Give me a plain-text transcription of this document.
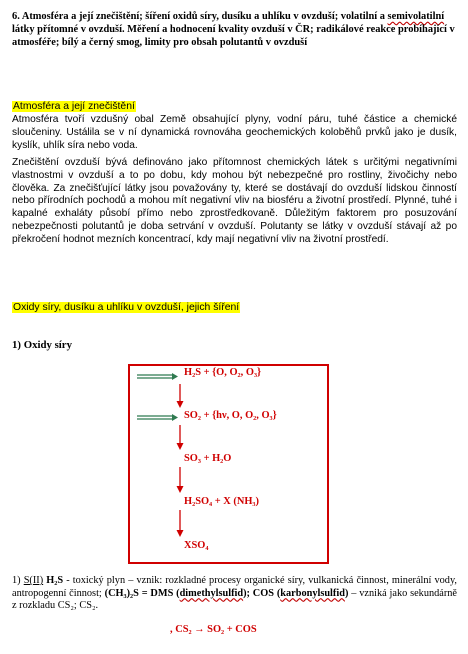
6. Atmosféra a její znečištění; šíření oxidů síry, dusíku a uhlíku v ovzduší; volatilní a semivolatilní látky přítomné v ovzduší. Měření a hodnocení kvality ovzduší v ČR; radikálové reakce probíhající v atmosféře; bílý a černý smog, limity pro obsah polutantů v ovzduší
Atmosféra a její znečištění
Atmosféra tvoří vzdušný obal Země obsahující plyny, vodní páru, tuhé částice a chemické sloučeniny. Ustálila se v ní dynamická rovnováha geochemických koloběhů prvků jako je dusík, kyslík, uhlík síra nebo voda.
Znečištění ovzduší bývá definováno jako přítomnost chemických látek s určitými negativními vlastnostmi v ovzduší a to po dobu, kdy mohou být nebezpečné pro rostliny, živočichy nebo člověka. Za znečišťující látky jsou považovány ty, které se dostávají do ovzduší lidskou činností nebo přírodních pochodů a mohou mít negativní vliv na biosféru a životní prostředí. Plynné, tuhé i kapalné exhaláty působí přímo nebo zprostředkovaně. Důležitým faktorem pro posuzování nebezpečnosti polutantů je doba setrvání v ovzduší. Polutanty se látky v ovzduší stávají až po překročení hodnot mezních koncentrací, kdy mají negativní vliv na životní prostředí.
Oxidy síry, dusíku a uhlíku v ovzduší, jejich šíření
1) Oxidy síry
H₂S + {O, O₂, O₃}
SO₂ + {hν, O, O₂, O₃}
SO₃ + H₂O
H₂SO₄ + X (NH₃)
XSO₄
1) S(II) H₂S - toxický plyn – vznik: rozkladné procesy organické síry, vulkanická činnost, minerální vody, antropogenní činnost; (CH₃)₂S = DMS (dimethylsulfid); COS (karbonylsulfid) – vzniká jako sekundárně z rozkladu CS₂; CS₂.
, CS₂ → SO₂ + COS
